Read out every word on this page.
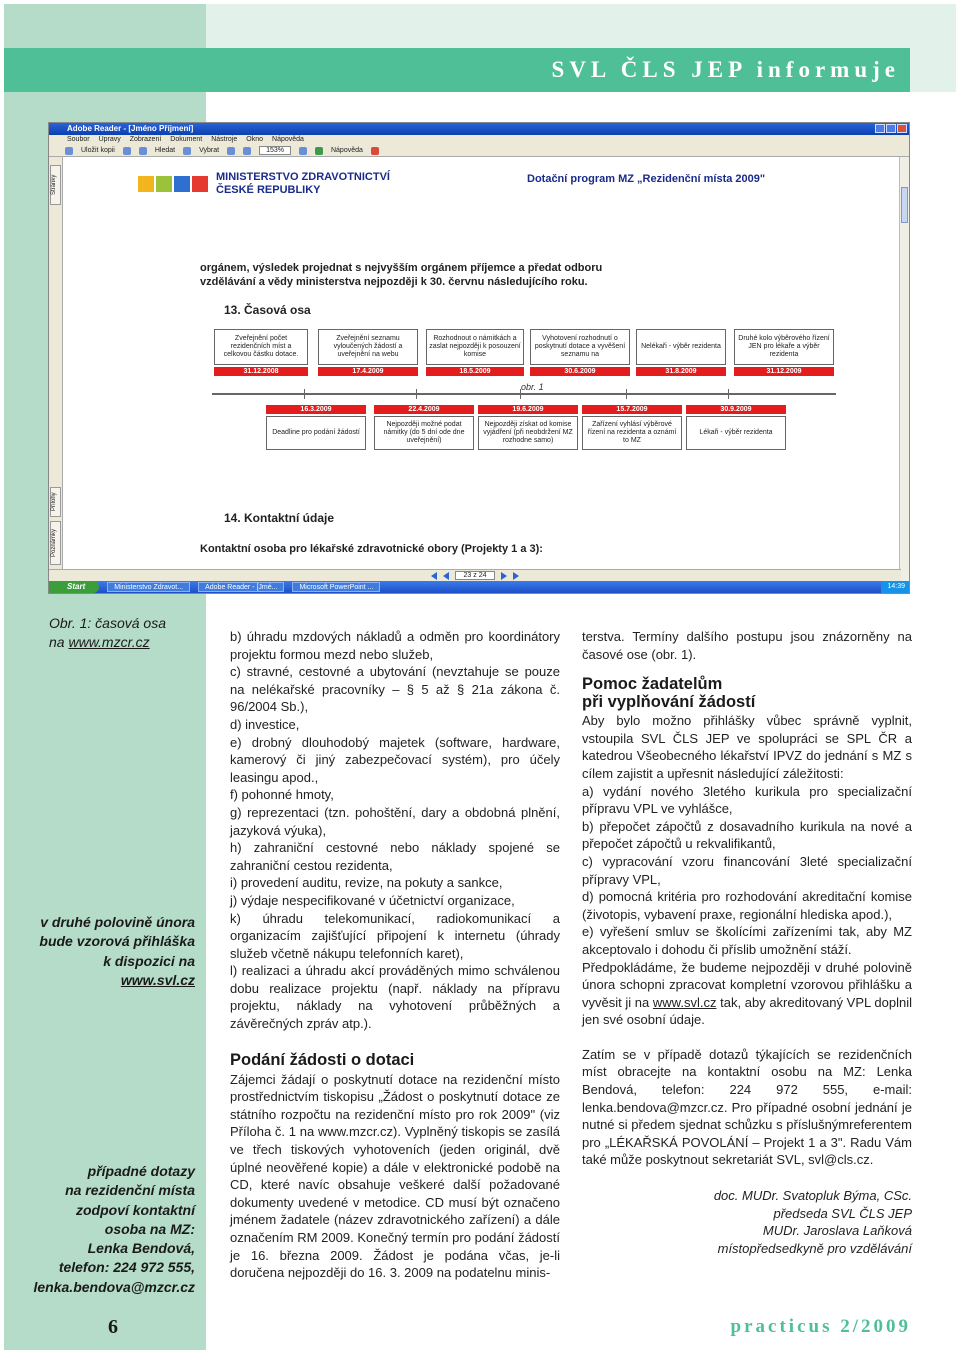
SVL ČLS JEP informuje
Adobe Reader - [Jméno Příjmení]
Soubor Úpravy Zobrazení Dokument Nástroje Okno Nápověda
Uložit kopii	Hledat	Vybrat	153%	Nápověda
Stránky
Přílohy
Poznámky
MINISTERSTVO ZDRAVOTNICTVÍ
ČESKÉ REPUBLIKY
Dotační program MZ „Rezidenční místa 2009"
orgánem, výsledek projednat s nejvyšším orgánem příjemce a předat odboru
vzdělávání a vědy ministerstva nejpozději k 30. červnu následujícího roku.
13. Časová osa
Zveřejnění počet rezidenčních míst a celkovou částku dotace.
Zveřejnění seznamu vyloučených žádostí a uveřejnění na webu
Rozhodnout o námitkách a zaslat nejpozději k posouzení komise
Vyhotovení rozhodnutí o poskytnutí dotace a vyvěšení seznamu na
Nelékaři - výběr rezidenta
Druhé kolo výběrového řízení JEN pro lékaře a výběr rezidenta
31.12.2008	17.4.2009	18.5.2009	30.6.2009	31.8.2009	31.12.2009
obr. 1
16.3.2009	22.4.2009	19.6.2009	15.7.2009	30.9.2009
Deadline pro podání žádostí
Nejpozději možné podat námitky (do 5 dní ode dne uveřejnění)
Nejpozději získat od komise vyjádření (při neobdržení MZ rozhodne samo)
Zařízení vyhlásí výběrové řízení na rezidenta a oznámí to MZ
Lékaři - výběr rezidenta
14. Kontaktní údaje
Kontaktní osoba pro lékařské zdravotnické obory (Projekty 1 a 3):
23 z 24
Start	Ministerstvo Zdravot...	Adobe Reader - [Jmé...	Microsoft PowerPoint ...	14:39
Obr. 1: časová osa
na www.mzcr.cz
v druhé polovině února
bude vzorová přihláška
k dispozici na
www.svl.cz
případné dotazy
na rezidenční místa
zodpoví kontaktní
osoba na MZ:
Lenka Bendová,
telefon: 224 972 555,
lenka.bendova@mzcr.cz

b) úhradu mzdových nákladů a odměn pro koordinátory projektu formou mezd nebo služeb,

c) stravné, cestovné a ubytování (nevztahuje se pouze na nelékařské pracovníky – § 5 až § 21a zákona č. 96/2004 Sb.),

d) investice,

e) drobný dlouhodobý majetek (software, hardware, kamerový či jiný zabezpečovací systém), pro účely leasingu apod.,

f) pohonné hmoty,

g) reprezentaci (tzn. pohoštění, dary a obdobná plnění, jazyková výuka),

h) zahraniční cestovné nebo náklady spojené se zahraniční cestou rezidenta,

i) provedení auditu, revize, na pokuty a sankce,

j) výdaje nespecifikované v účetnictví organizace,

k) úhradu telekomunikací, radiokomunikací a organizacím zajišťující připojení k internetu (úhrady služeb včetně nákupu telefonních karet),

l) realizaci a úhradu akcí prováděných mimo schválenou dobu realizace projektu (např. náklady na přípravu projektu, náklady na vyhotovení průběžných a závěrečných zpráv atp.).

Podání žádosti o dotaci

Zájemci žádají o poskytnutí dotace na rezidenční místo prostřednictvím tiskopisu „Žádost o poskytnutí dotace ze státního rozpočtu na rezidenční místo pro rok 2009" (viz Příloha č. 1 na www.mzcr.cz). Vyplněný tiskopis se zasílá ve třech tiskových vyhotoveních (jeden originál, dvě úplné neověřené kopie) a dále v elektronické podobě na CD, které navíc obsahuje veškeré další požadované dokumenty uvedené v metodice. CD musí být označeno jménem žadatele (název zdravotnického zařízení) a dále označením RM 2009. Konečný termín pro podání žádostí je 16. března 2009. Žádost je podána včas, je-li doručena nejpozději do 16. 3. 2009 na podatelnu minis-

terstva. Termíny dalšího postupu jsou znázorněny na časové ose (obr. 1).

Pomoc žadatelům
při vyplňování žádostí

Aby bylo možno přihlášky vůbec správně vyplnit, vstoupila SVL ČLS JEP ve spolupráci se SPL ČR a katedrou Všeobecného lékařství IPVZ do jednání s MZ s cílem zajistit a upřesnit následující záležitosti:

a) vydání nového 3letého kurikula pro specializační přípravu VPL ve vyhlášce,

b) přepočet zápočtů z dosavadního kurikula na nové a přepočet zápočtů u rekvalifikantů,

c) vypracování vzoru financování 3leté specializační přípravy VPL,

d) pomocná kritéria pro rozhodování akreditační komise (životopis, vybavení praxe, regionální hlediska apod.),

e) vyřešení smluv se školícími zařízeními tak, aby MZ akceptovalo i dohodu či příslib umožnění stáží.

Předpokládáme, že budeme nejpozději v druhé polovině února schopni zpracovat kompletní vzorovou přihlášku a vyvěsit ji na www.svl.cz tak, aby akreditovaný VPL doplnil jen své osobní údaje.

Zatím se v případě dotazů týkajících se rezidenčních míst obracejte na kontaktní osobu na MZ: Lenka Bendová, telefon: 224 972 555, e-mail: lenka.bendova@mzcr.cz. Pro případné osobní jednání je nutné si předem sjednat schůzku s příslušnýmreferentem pro „LÉKAŘSKÁ POVOLÁNÍ – Projekt 1 a 3". Radu Vám také může poskytnout sekretariát SVL, svl@cls.cz.

doc. MUDr. Svatopluk Býma, CSc.
předseda SVL ČLS JEP
MUDr. Jaroslava Laňková
místopředsedkyně pro vzdělávání
6	practicus 2/2009
